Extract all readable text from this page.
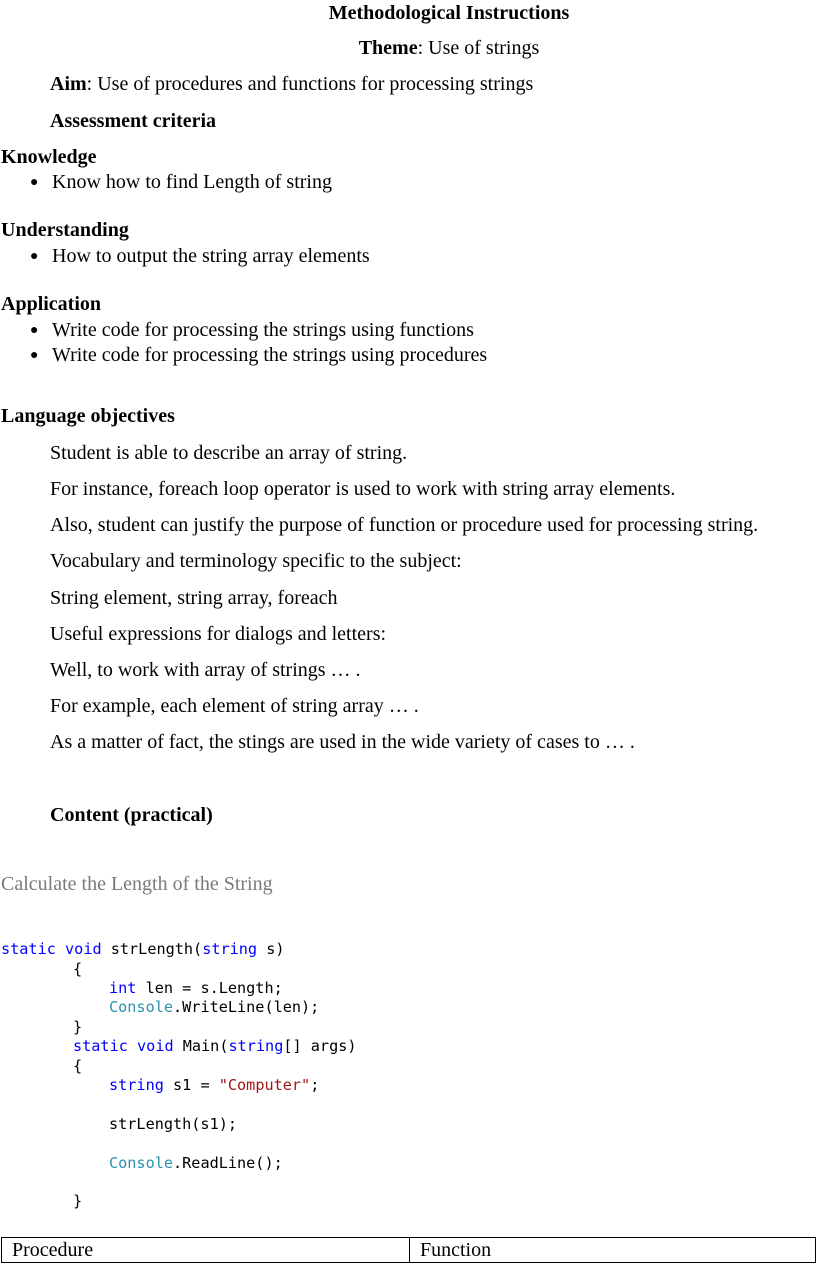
Methodological Instructions
Theme: Use of strings
Aim: Use of procedures and functions for processing strings
Assessment criteria
Knowledge
● Know how to find Length of string
Understanding
● How to output the string array elements
Application
● Write code for processing the strings using functions
● Write code for processing the strings using procedures
Language objectives
Student is able to describe an array of string.
For instance, foreach loop operator is used to work with string array elements.
Also, student can justify the purpose of function or procedure used for processing string.
Vocabulary and terminology specific to the subject:
String element, string array, foreach
Useful expressions for dialogs and letters:
Well, to work with array of strings … .
For example, each element of string array … .
As a matter of fact, the stings are used in the wide variety of cases to … .
Content (practical)
Calculate the Length of the String
static void strLength(string s)
{
int len = s.Length;
Console.WriteLine(len);
}
static void Main(string[] args)
{
string s1 = "Computer";
strLength(s1);
Console.ReadLine();
}
Procedure	Function
